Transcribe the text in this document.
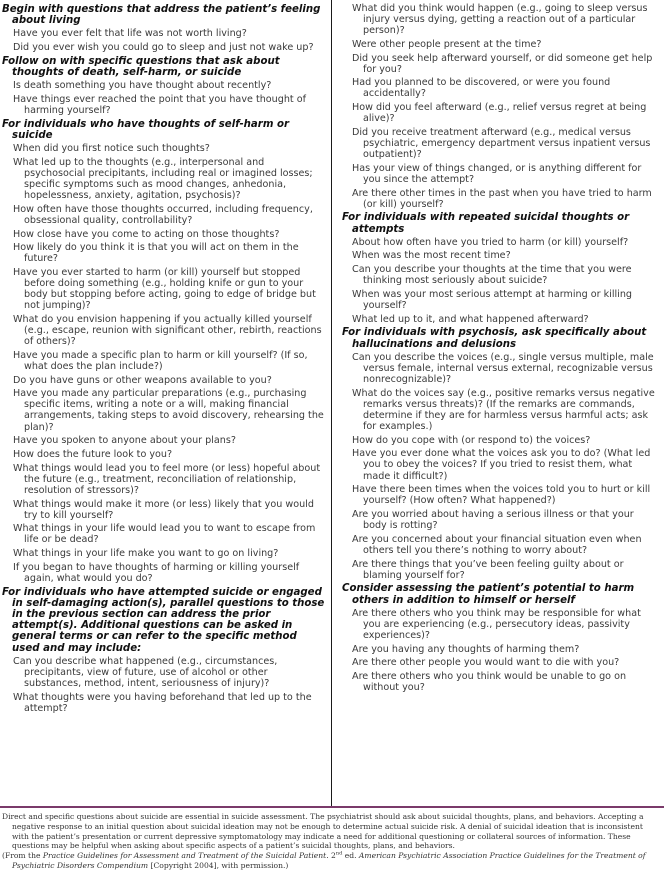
Begin with questions that address the patient’s feeling about living
Have you ever felt that life was not worth living?
Did you ever wish you could go to sleep and just not wake up?
Follow on with specific questions that ask about thoughts of death, self-harm, or suicide
Is death something you have thought about recently?
Have things ever reached the point that you have thought of harming yourself?
For individuals who have thoughts of self-harm or suicide
When did you first notice such thoughts?
What led up to the thoughts (e.g., interpersonal and psychosocial precipitants, including real or imagined losses; specific symptoms such as mood changes, anhedonia, hopelessness, anxiety, agitation, psychosis)?
How often have those thoughts occurred, including frequency, obsessional quality, controllability?
How close have you come to acting on those thoughts?
How likely do you think it is that you will act on them in the future?
Have you ever started to harm (or kill) yourself but stopped before doing something (e.g., holding knife or gun to your body but stopping before acting, going to edge of bridge but not jumping)?
What do you envision happening if you actually killed yourself (e.g., escape, reunion with significant other, rebirth, reactions of others)?
Have you made a specific plan to harm or kill yourself? (If so, what does the plan include?)
Do you have guns or other weapons available to you?
Have you made any particular preparations (e.g., purchasing specific items, writing a note or a will, making financial arrangements, taking steps to avoid discovery, rehearsing the plan)?
Have you spoken to anyone about your plans?
How does the future look to you?
What things would lead you to feel more (or less) hopeful about the future (e.g., treatment, reconciliation of relationship, resolution of stressors)?
What things would make it more (or less) likely that you would try to kill yourself?
What things in your life would lead you to want to escape from life or be dead?
What things in your life make you want to go on living?
If you began to have thoughts of harming or killing yourself again, what would you do?
For individuals who have attempted suicide or engaged in self-damaging action(s), parallel questions to those in the previous section can address the prior attempt(s). Additional questions can be asked in general terms or can refer to the specific method used and may include:
Can you describe what happened (e.g., circumstances, precipitants, view of future, use of alcohol or other substances, method, intent, seriousness of injury)?
What thoughts were you having beforehand that led up to the attempt?
What did you think would happen (e.g., going to sleep versus injury versus dying, getting a reaction out of a particular person)?
Were other people present at the time?
Did you seek help afterward yourself, or did someone get help for you?
Had you planned to be discovered, or were you found accidentally?
How did you feel afterward (e.g., relief versus regret at being alive)?
Did you receive treatment afterward (e.g., medical versus psychiatric, emergency department versus inpatient versus outpatient)?
Has your view of things changed, or is anything different for you since the attempt?
Are there other times in the past when you have tried to harm (or kill) yourself?
For individuals with repeated suicidal thoughts or attempts
About how often have you tried to harm (or kill) yourself?
When was the most recent time?
Can you describe your thoughts at the time that you were thinking most seriously about suicide?
When was your most serious attempt at harming or killing yourself?
What led up to it, and what happened afterward?
For individuals with psychosis, ask specifically about hallucinations and delusions
Can you describe the voices (e.g., single versus multiple, male versus female, internal versus external, recognizable versus nonrecognizable)?
What do the voices say (e.g., positive remarks versus negative remarks versus threats)? (If the remarks are commands, determine if they are for harmless versus harmful acts; ask for examples.)
How do you cope with (or respond to) the voices?
Have you ever done what the voices ask you to do? (What led you to obey the voices? If you tried to resist them, what made it difficult?)
Have there been times when the voices told you to hurt or kill yourself? (How often? What happened?)
Are you worried about having a serious illness or that your body is rotting?
Are you concerned about your financial situation even when others tell you there’s nothing to worry about?
Are there things that you’ve been feeling guilty about or blaming yourself for?
Consider assessing the patient’s potential to harm others in addition to himself or herself
Are there others who you think may be responsible for what you are experiencing (e.g., persecutory ideas, passivity experiences)?
Are you having any thoughts of harming them?
Are there other people you would want to die with you?
Are there others who you think would be unable to go on without you?

Direct and specific questions about suicide are essential in suicide assessment. The psychiatrist should ask about suicidal thoughts, plans, and behaviors. Accepting a negative response to an initial question about suicidal ideation may not be enough to determine actual suicide risk. A denial of suicidal ideation that is inconsistent with the patient’s presentation or current depressive symptomatology may indicate a need for additional questioning or collateral sources of information. These questions may be helpful when asking about specific aspects of a patient’s suicidal thoughts, plans, and behaviors.

(From the Practice Guidelines for Assessment and Treatment of the Suicidal Patient. 2nd ed. American Psychiatric Association Practice Guidelines for the Treatment of Psychiatric Disorders Compendium [Copyright 2004], with permission.)
